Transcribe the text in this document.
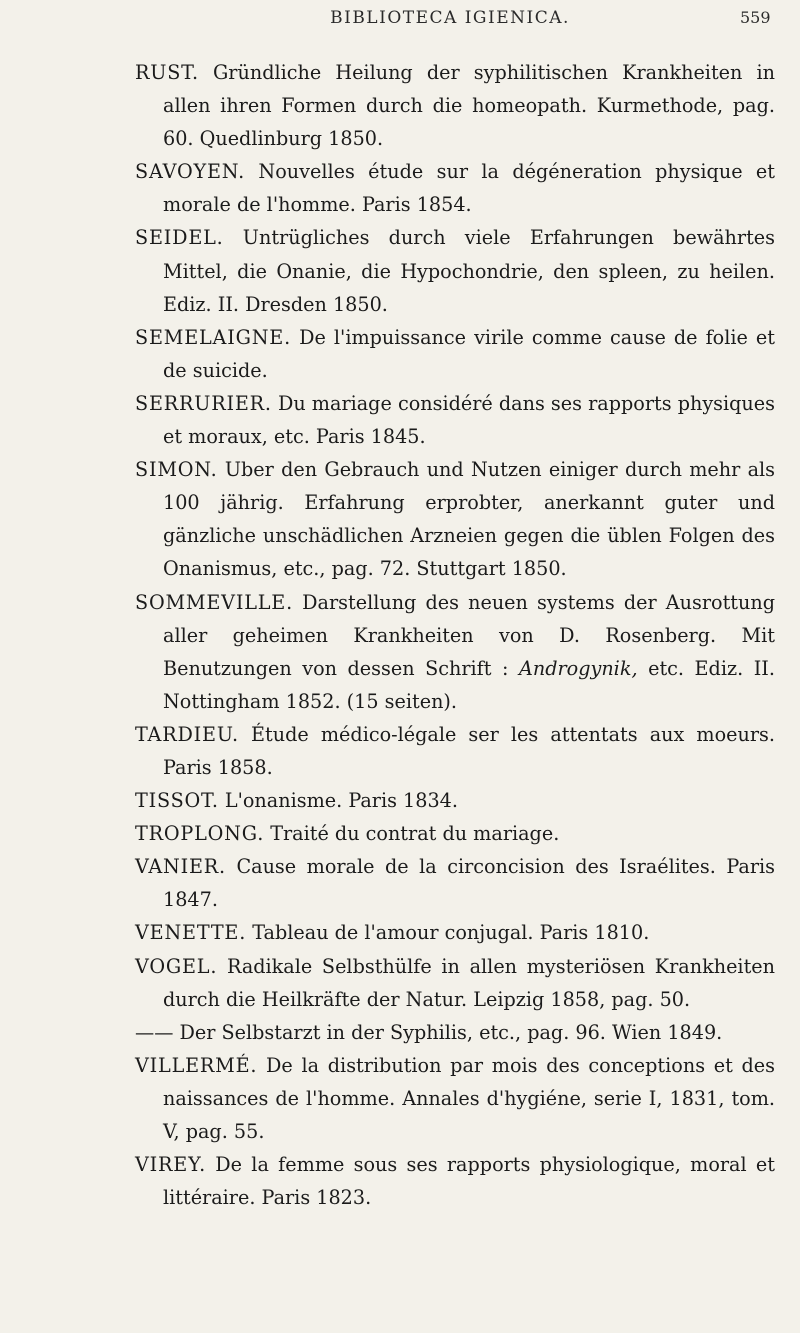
BIBLIOTECA IGIENICA.	559
RUST. Gründliche Heilung der syphilitischen Krankheiten in allen ihren Formen durch die homeopath. Kurmethode, pag. 60. Quedlinburg 1850.
SAVOYEN. Nouvelles étude sur la dégéneration physique et morale de l'homme. Paris 1854.
SEIDEL. Untrügliches durch viele Erfahrungen bewährtes Mittel, die Onanie, die Hypochondrie, den spleen, zu heilen. Ediz. II. Dresden 1850.
SEMELAIGNE. De l'impuissance virile comme cause de folie et de suicide.
SERRURIER. Du mariage considéré dans ses rapports physiques et moraux, etc. Paris 1845.
SIMON. Uber den Gebrauch und Nutzen einiger durch mehr als 100 jährig. Erfahrung erprobter, anerkannt guter und gänzliche unschädlichen Arzneien gegen die üblen Folgen des Onanismus, etc., pag. 72. Stuttgart 1850.
SOMMEVILLE. Darstellung des neuen systems der Ausrottung aller geheimen Krankheiten von D. Rosenberg. Mit Benutzungen von dessen Schrift : Androgynik, etc. Ediz. II. Nottingham 1852. (15 seiten).
TARDIEU. Étude médico-légale ser les attentats aux moeurs. Paris 1858.
TISSOT. L'onanisme. Paris 1834.
TROPLONG. Traité du contrat du mariage.
VANIER. Cause morale de la circoncision des Israélites. Paris 1847.
VENETTE. Tableau de l'amour conjugal. Paris 1810.
VOGEL. Radikale Selbsthülfe in allen mysteriösen Krankheiten durch die Heilkräfte der Natur. Leipzig 1858, pag. 50.
—— Der Selbstarzt in der Syphilis, etc., pag. 96. Wien 1849.
VILLERMÉ. De la distribution par mois des conceptions et des naissances de l'homme. Annales d'hygiéne, serie I, 1831, tom. V, pag. 55.
VIREY. De la femme sous ses rapports physiologique, moral et littéraire. Paris 1823.
